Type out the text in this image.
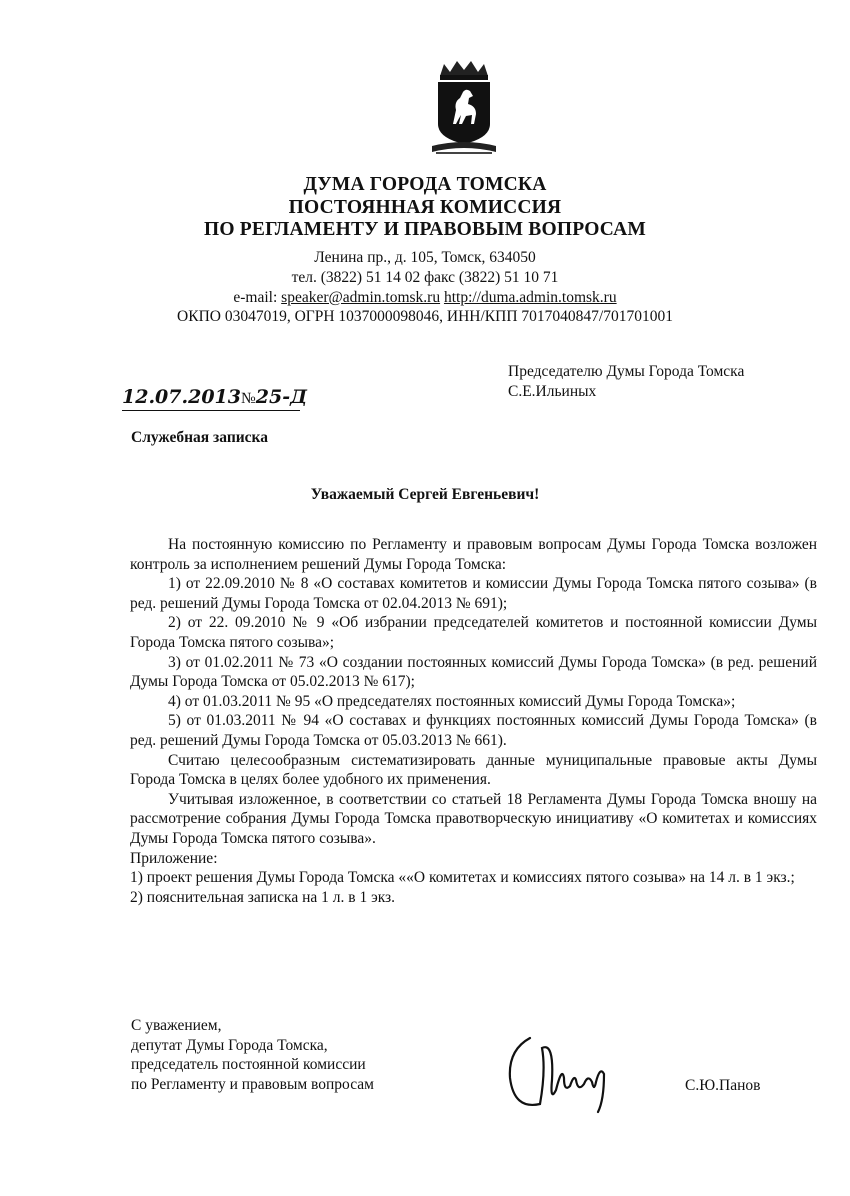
ДУМА ГОРОДА ТОМСКА
ПОСТОЯННАЯ КОМИССИЯ
ПО РЕГЛАМЕНТУ И ПРАВОВЫМ ВОПРОСАМ
Ленина пр., д. 105, Томск, 634050
тел. (3822) 51 14 02 факс (3822) 51 10 71
e-mail: speaker@admin.tomsk.ru http://duma.admin.tomsk.ru
ОКПО 03047019, ОГРН 1037000098046, ИНН/КПП 7017040847/701701001

Председателю Думы Города Томска

С.Е.Ильиных

12.07.2013№25-Д
Служебная записка
Уважаемый Сергей Евгеньевич!

На постоянную комиссию по Регламенту и правовым вопросам Думы Города Томска возложен контроль за исполнением решений Думы Города Томска:

1) от 22.09.2010 № 8 «О составах комитетов и комиссии Думы Города Томска пятого созыва» (в ред. решений Думы Города Томска от 02.04.2013 № 691);

2) от 22. 09.2010 № 9 «Об избрании председателей комитетов и постоянной комиссии Думы Города Томска пятого созыва»;

3) от 01.02.2011 № 73 «О создании постоянных комиссий Думы Города Томска» (в ред. решений Думы Города Томска от 05.02.2013 № 617);

4) от 01.03.2011 № 95 «О председателях постоянных комиссий Думы Города Томска»;

5) от 01.03.2011 № 94 «О составах и функциях постоянных комиссий Думы Города Томска» (в ред. решений Думы Города Томска от 05.03.2013 № 661).

Считаю целесообразным систематизировать данные муниципальные правовые акты Думы Города Томска в целях более удобного их применения.

Учитывая изложенное, в соответствии со статьей 18 Регламента Думы Города Томска вношу на рассмотрение собрания Думы Города Томска правотворческую инициативу «О комитетах и комиссиях Думы Города Томска пятого созыва».

Приложение:

1) проект решения Думы Города Томска ««О комитетах и комиссиях пятого созыва» на 14 л. в 1 экз.;

2) пояснительная записка на 1 л. в 1 экз.

С уважением,

депутат Думы Города Томска,

председатель постоянной комиссии

по Регламенту и правовым вопросам	С.Ю.Панов
